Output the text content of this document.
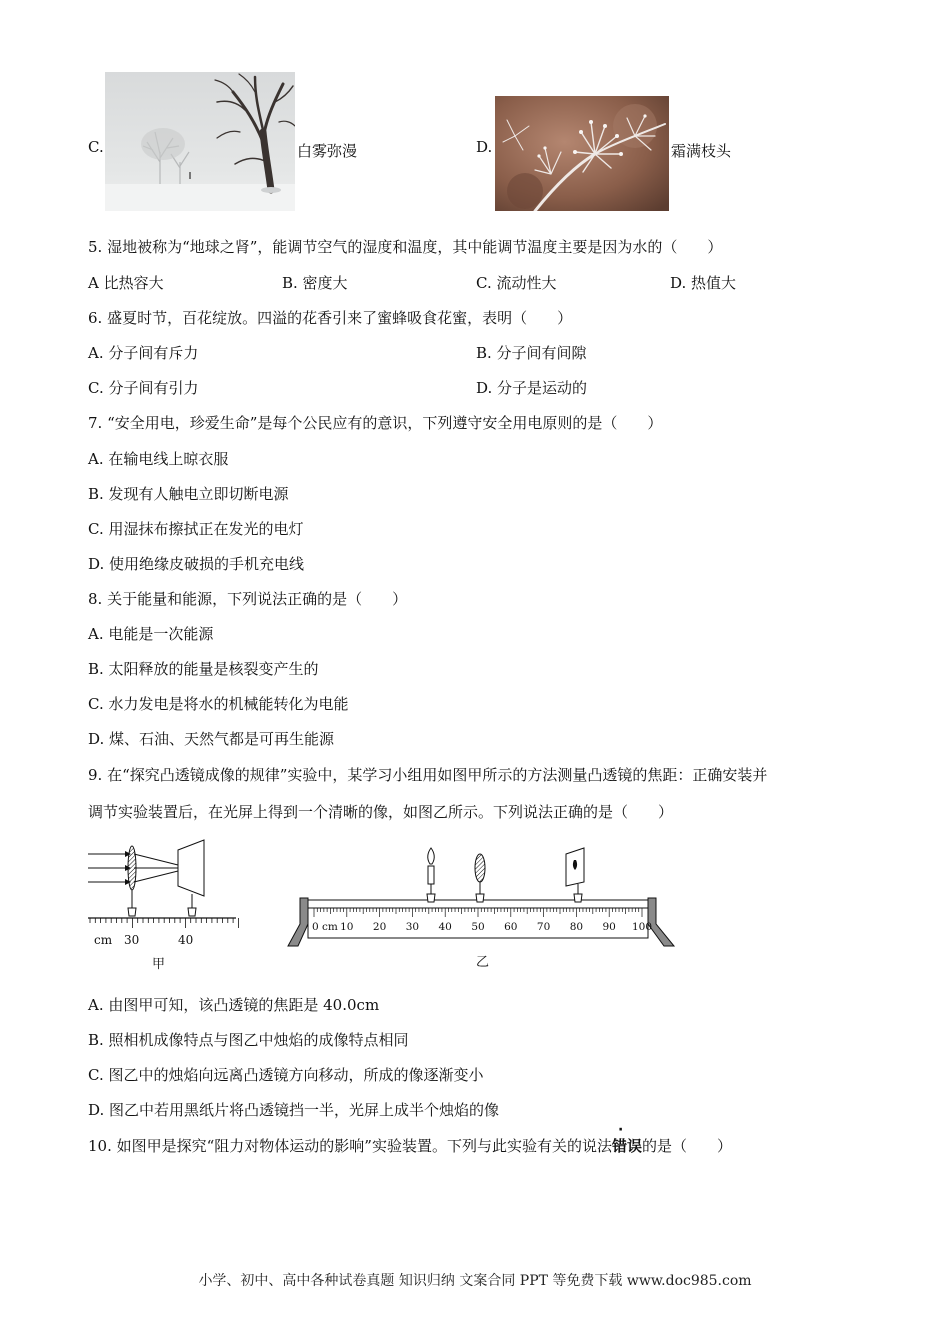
C.	白雾弥漫	D.	霜满枝头
5. 湿地被称为“地球之肾”，能调节空气的湿度和温度，其中能调节温度主要是因为水的（　　）
A 比热容大	B. 密度大	C. 流动性大	D. 热值大
6. 盛夏时节，百花绽放。四溢的花香引来了蜜蜂吸食花蜜，表明（　　）
A. 分子间有斥力	B. 分子间有间隙
C. 分子间有引力	D. 分子是运动的
7. “安全用电，珍爱生命”是每个公民应有的意识，下列遵守安全用电原则的是（　　）
A. 在输电线上晾衣服
B. 发现有人触电立即切断电源
C. 用湿抹布擦拭正在发光的电灯
D. 使用绝缘皮破损的手机充电线
8. 关于能量和能源，下列说法正确的是（　　）
A. 电能是一次能源
B. 太阳释放的能量是核裂变产生的
C. 水力发电是将水的机械能转化为电能
D. 煤、石油、天然气都是可再生能源
9. 在“探究凸透镜成像的规律”实验中，某学习小组用如图甲所示的方法测量凸透镜的焦距：正确安装并
调节实验装置后，在光屏上得到一个清晰的像，如图乙所示。下列说法正确的是（　　）
cm 30	40
甲
0 cm 10 20 30 40 50 60 70 80 90 100
乙
A. 由图甲可知，该凸透镜的焦距是 40.0cm
B. 照相机成像特点与图乙中烛焰的成像特点相同
C. 图乙中的烛焰向远离凸透镜方向移动，所成的像逐渐变小
D. 图乙中若用黑纸片将凸透镜挡一半，光屏上成半个烛焰的像
10. 如图甲是探究“阻力对物体运动的影响”实验装置。下列与此实验有关的说法错误的是（　　）
小学、初中、高中各种试卷真题 知识归纳 文案合同 PPT 等免费下载 www.doc985.com
